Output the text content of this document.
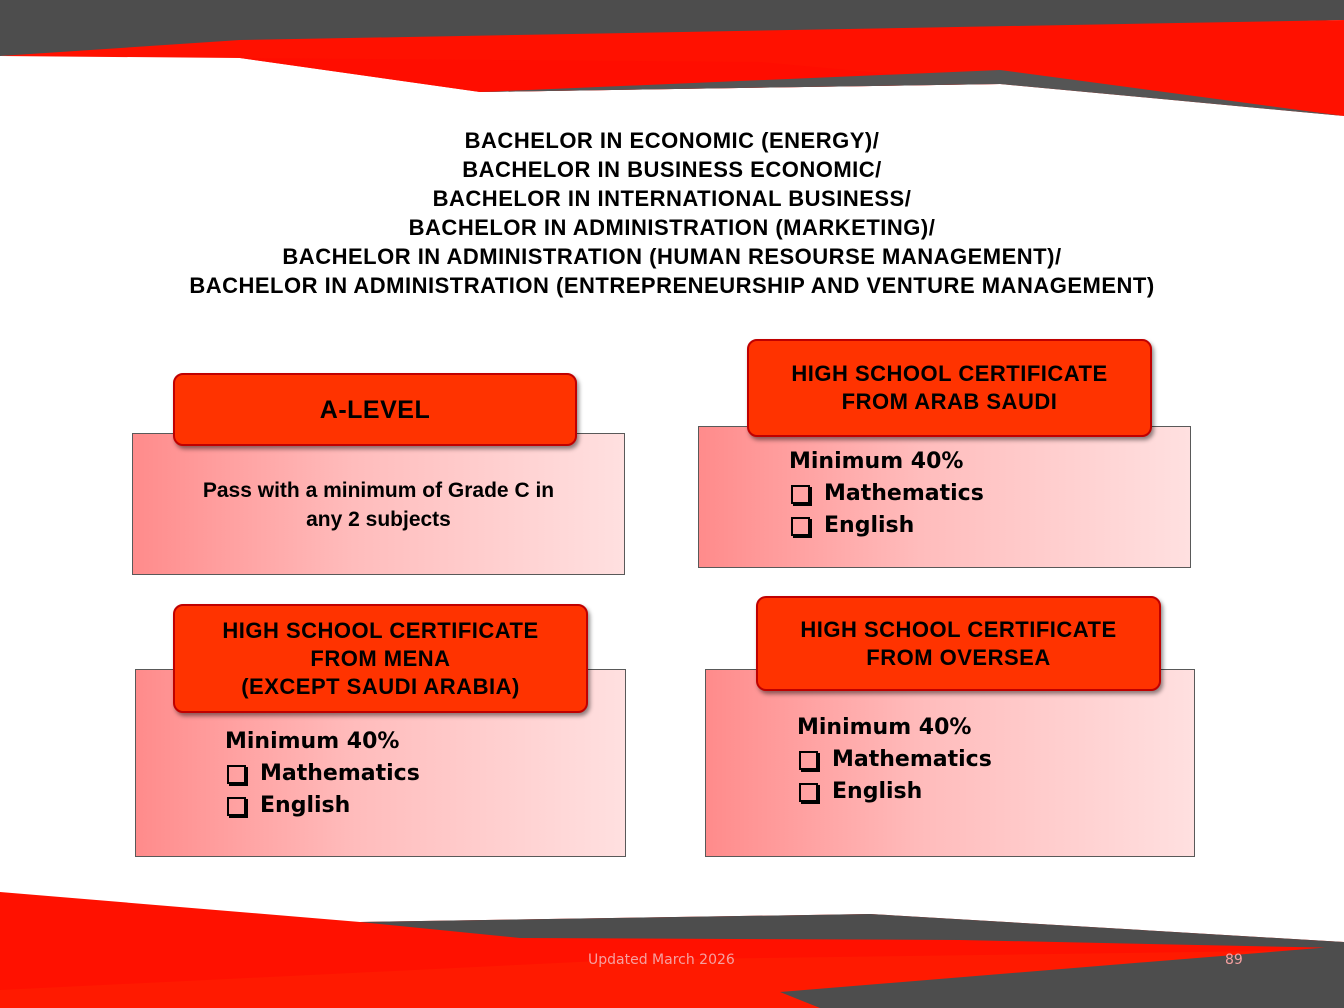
BACHELOR IN ECONOMIC (ENERGY)/
BACHELOR IN BUSINESS ECONOMIC/
BACHELOR IN INTERNATIONAL BUSINESS/
BACHELOR IN ADMINISTRATION (MARKETING)/
BACHELOR IN ADMINISTRATION (HUMAN RESOURSE MANAGEMENT)/
BACHELOR IN ADMINISTRATION (ENTREPRENEURSHIP AND VENTURE MANAGEMENT)
Pass with a minimum of Grade C in
any 2 subjects
A-LEVEL
Minimum 40%
Mathematics
English
HIGH SCHOOL CERTIFICATE
FROM ARAB SAUDI
Minimum 40%
Mathematics
English
HIGH SCHOOL CERTIFICATE
FROM MENA
(EXCEPT SAUDI ARABIA)
Minimum 40%
Mathematics
English
HIGH SCHOOL CERTIFICATE
FROM OVERSEA
Updated March 2026	89
